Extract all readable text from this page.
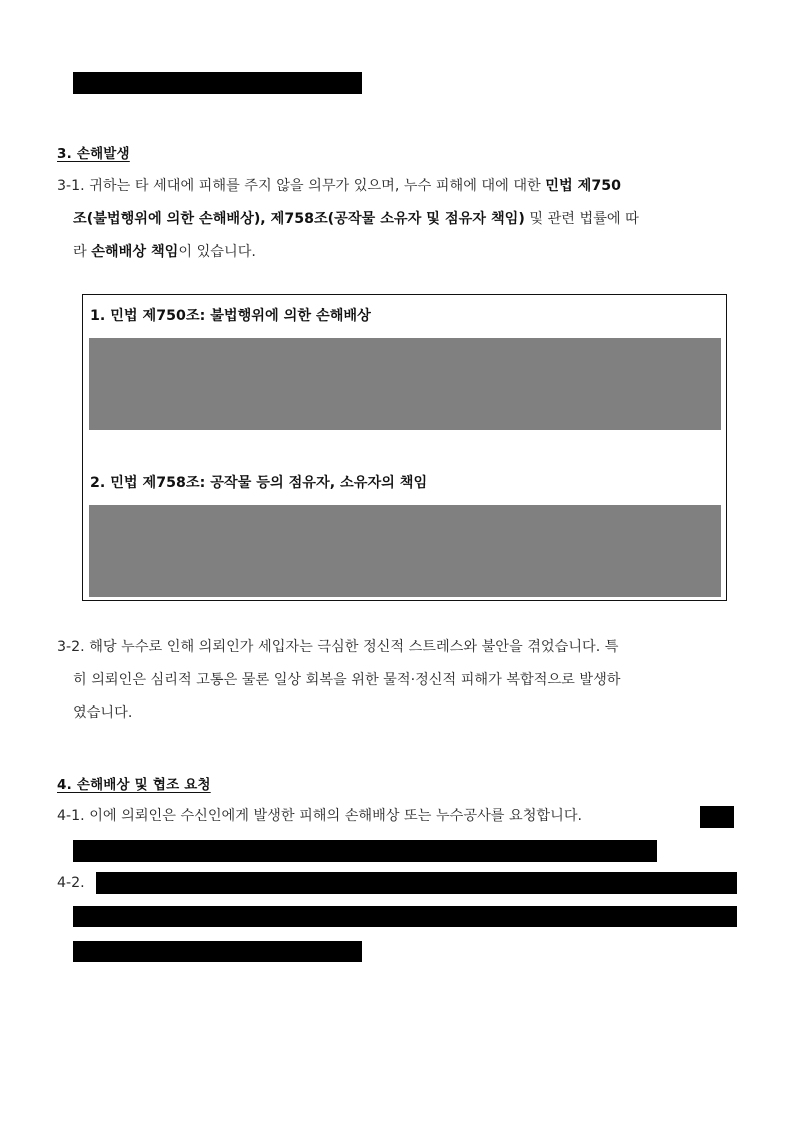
3. 손해발생
3-1. 귀하는 타 세대에 피해를 주지 않을 의무가 있으며, 누수 피해에 대에 대한 민법 제750
조(불법행위에 의한 손해배상), 제758조(공작물 소유자 및 점유자 책임) 및 관련 법률에 따
라 손해배상 책임이 있습니다.
1. 민법 제750조: 불법행위에 의한 손해배상
2. 민법 제758조: 공작물 등의 점유자, 소유자의 책임
3-2. 해당 누수로 인해 의뢰인가 세입자는 극심한 정신적 스트레스와 불안을 겪었습니다. 특
히 의뢰인은 심리적 고통은 물론 일상 회복을 위한 물적·정신적 피해가 복합적으로 발생하
였습니다.
4. 손해배상 및 협조 요청
4-1. 이에 의뢰인은 수신인에게 발생한 피해의 손해배상 또는 누수공사를 요청합니다.
4-2.
